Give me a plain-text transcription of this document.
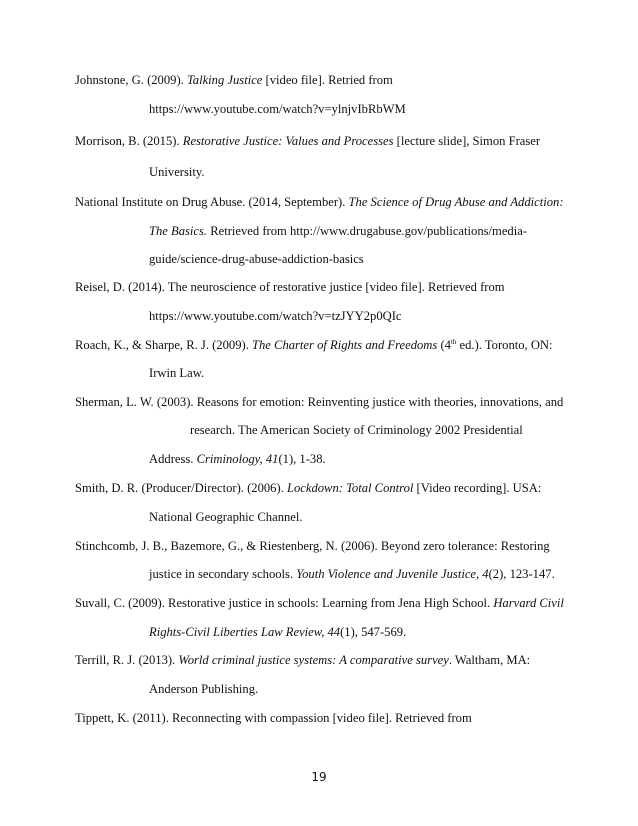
Johnstone, G. (2009). Talking Justice [video file]. Retried from
https://www.youtube.com/watch?v=ylnjvIbRbWM
Morrison, B. (2015). Restorative Justice: Values and Processes [lecture slide], Simon Fraser
University.
National Institute on Drug Abuse. (2014, September). The Science of Drug Abuse and Addiction:
The Basics. Retrieved from http://www.drugabuse.gov/publications/media-
guide/science-drug-abuse-addiction-basics
Reisel, D. (2014). The neuroscience of restorative justice [video file]. Retrieved from
https://www.youtube.com/watch?v=tzJYY2p0QIc
Roach, K., & Sharpe, R. J. (2009). The Charter of Rights and Freedoms (4th ed.). Toronto, ON:
Irwin Law.
Sherman, L. W. (2003). Reasons for emotion: Reinventing justice with theories, innovations, and
research. The American Society of Criminology 2002 Presidential
Address. Criminology, 41(1), 1-38.
Smith, D. R. (Producer/Director). (2006). Lockdown: Total Control [Video recording]. USA:
National Geographic Channel.
Stinchcomb, J. B., Bazemore, G., & Riestenberg, N. (2006). Beyond zero tolerance: Restoring
justice in secondary schools. Youth Violence and Juvenile Justice, 4(2), 123-147.
Suvall, C. (2009). Restorative justice in schools: Learning from Jena High School. Harvard Civil
Rights-Civil Liberties Law Review, 44(1), 547-569.
Terrill, R. J. (2013). World criminal justice systems: A comparative survey. Waltham, MA:
Anderson Publishing.
Tippett, K. (2011). Reconnecting with compassion [video file]. Retrieved from
19
